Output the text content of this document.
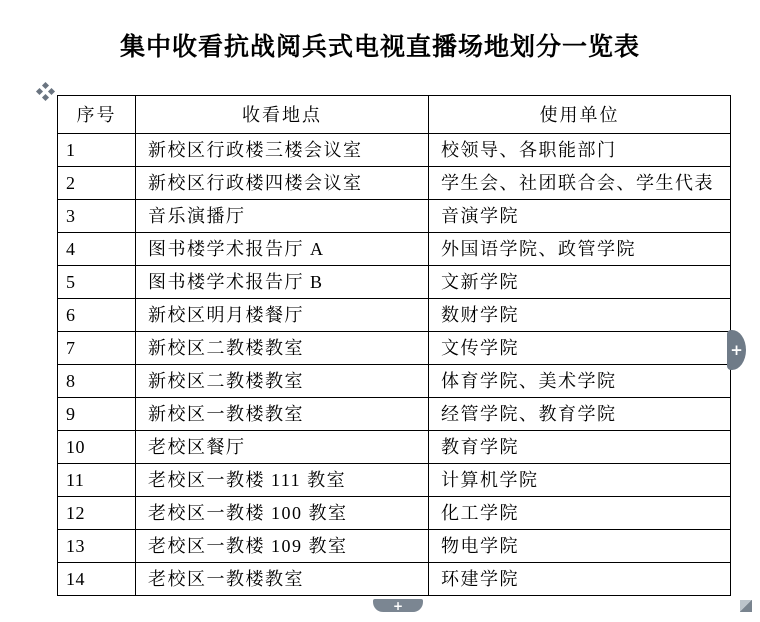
集中收看抗战阅兵式电视直播场地划分一览表
序号	收看地点	使用单位
1	新校区行政楼三楼会议室	校领导、各职能部门
2	新校区行政楼四楼会议室	学生会、社团联合会、学生代表
3	音乐演播厅	音演学院
4	图书楼学术报告厅 A	外国语学院、政管学院
5	图书楼学术报告厅 B	文新学院
6	新校区明月楼餐厅	数财学院
7	新校区二教楼教室	文传学院
8	新校区二教楼教室	体育学院、美术学院
9	新校区一教楼教室	经管学院、教育学院
10	老校区餐厅	教育学院
11	老校区一教楼 111 教室	计算机学院
12	老校区一教楼 100 教室	化工学院
13	老校区一教楼 109 教室	物电学院
14	老校区一教楼教室	环建学院
+
+
